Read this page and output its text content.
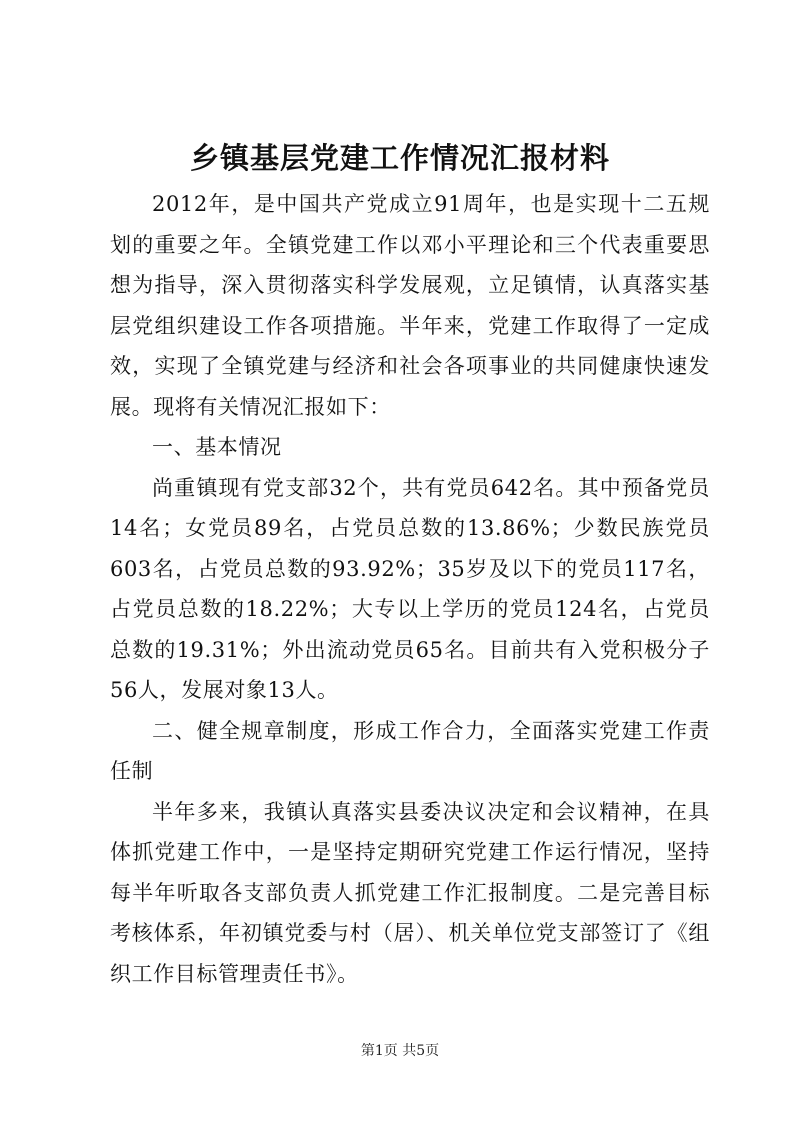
乡镇基层党建工作情况汇报材料

2012年，是中国共产党成立91周年，也是实现十二五规划的重要之年。全镇党建工作以邓小平理论和三个代表重要思想为指导，深入贯彻落实科学发展观，立足镇情，认真落实基层党组织建设工作各项措施。半年来，党建工作取得了一定成效，实现了全镇党建与经济和社会各项事业的共同健康快速发展。现将有关情况汇报如下：

一、基本情况

尚重镇现有党支部32个，共有党员642名。其中预备党员14名；女党员89名，占党员总数的13.86%；少数民族党员603名，占党员总数的93.92%；35岁及以下的党员117名，占党员总数的18.22%；大专以上学历的党员124名，占党员总数的19.31%；外出流动党员65名。目前共有入党积极分子56人，发展对象13人。

二、健全规章制度，形成工作合力，全面落实党建工作责任制

半年多来，我镇认真落实县委决议决定和会议精神，在具体抓党建工作中，一是坚持定期研究党建工作运行情况，坚持每半年听取各支部负责人抓党建工作汇报制度。二是完善目标考核体系，年初镇党委与村（居）、机关单位党支部签订了《组织工作目标管理责任书》。

第1页 共5页
